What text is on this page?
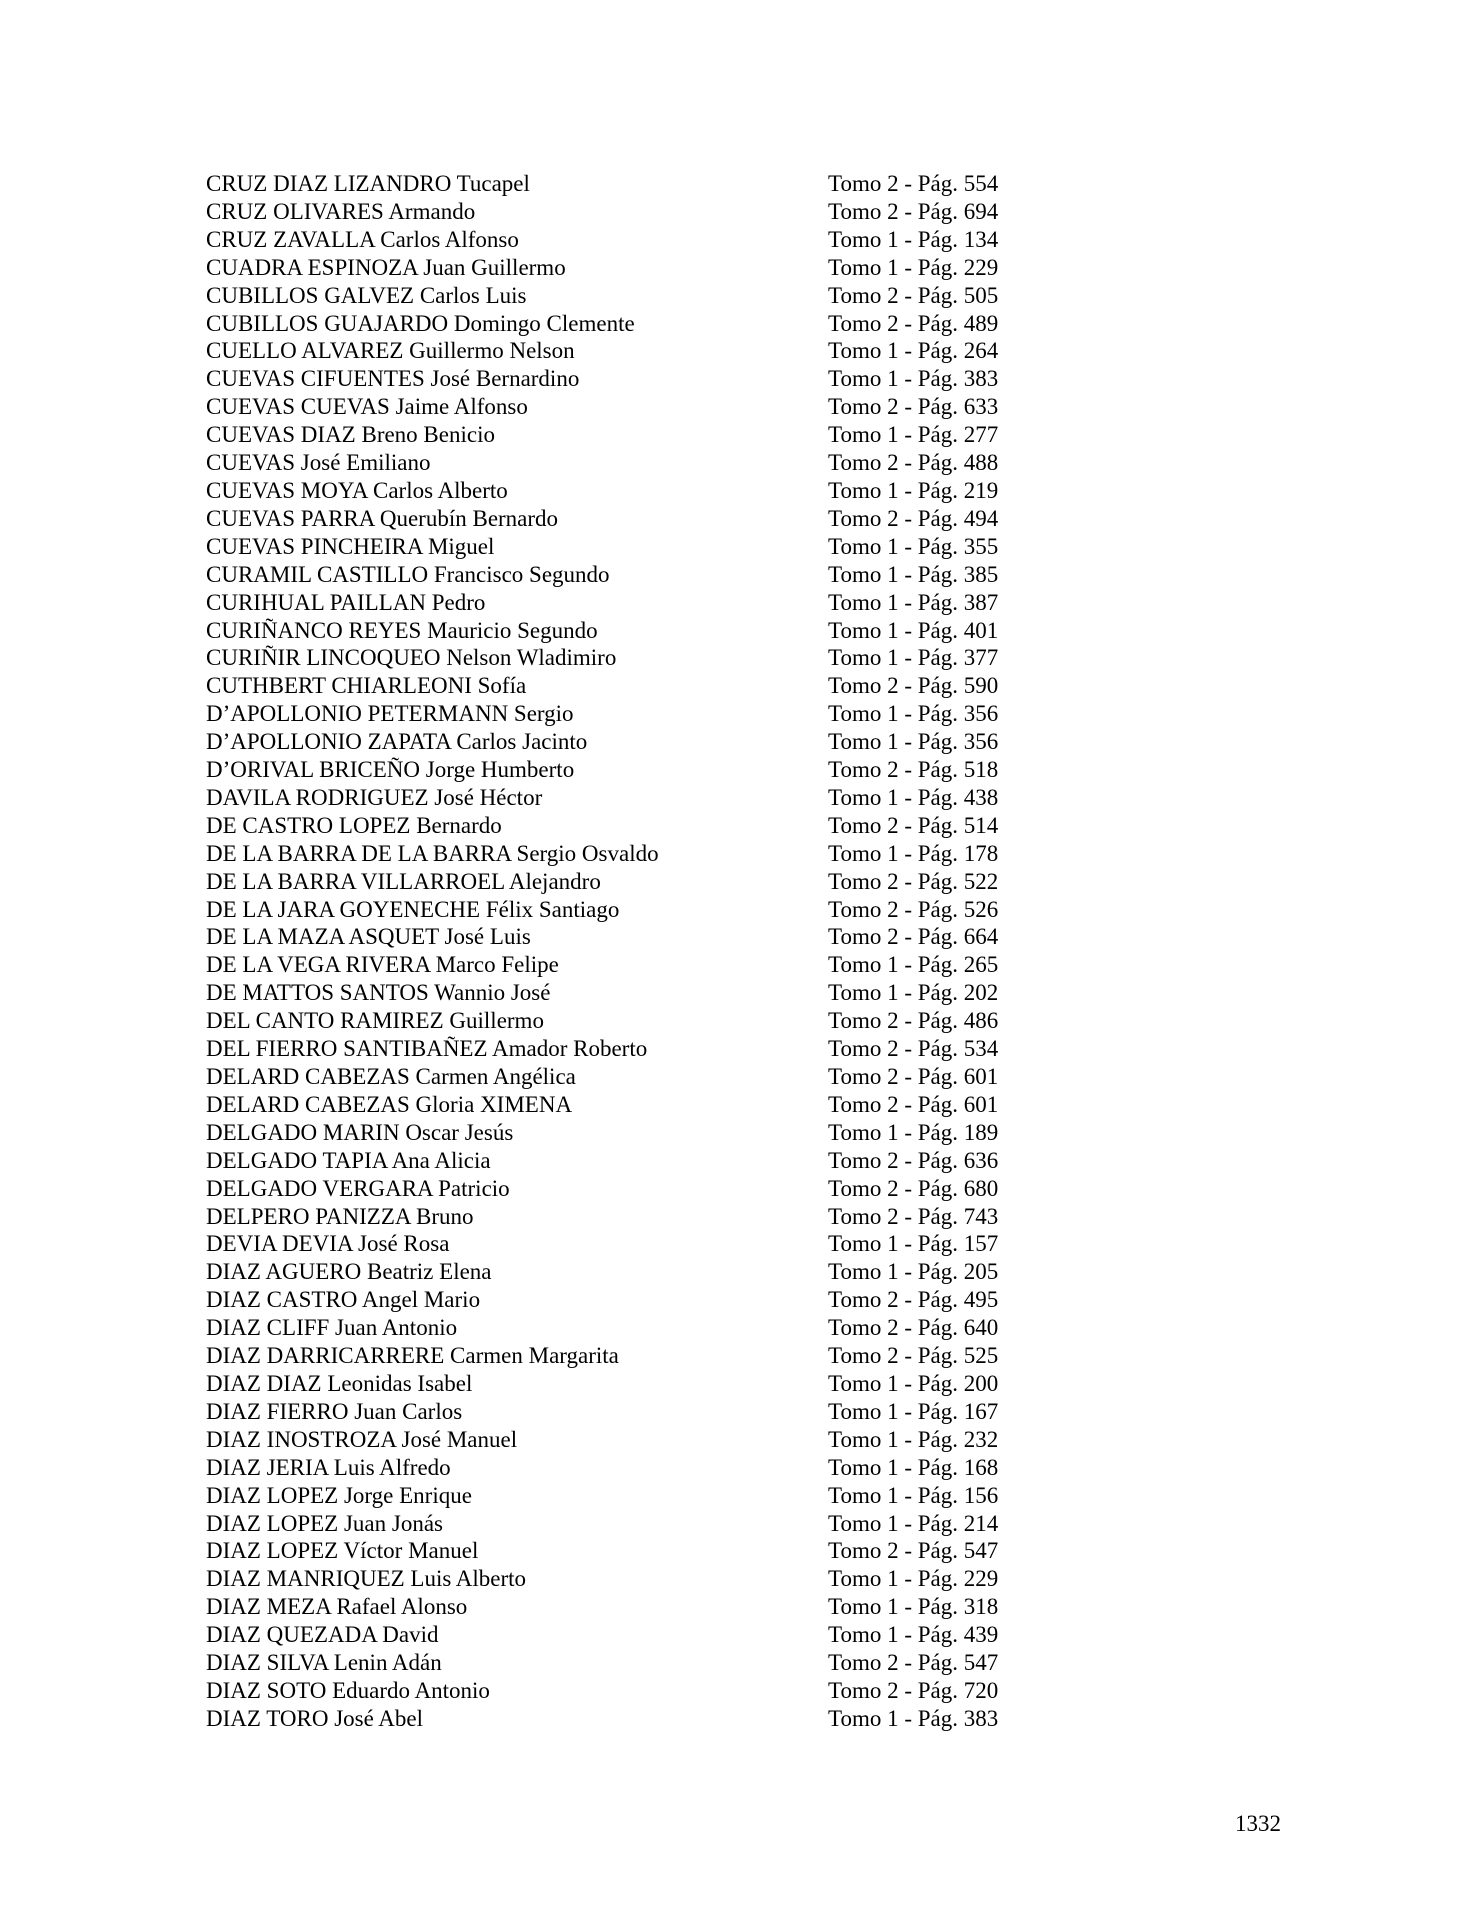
CRUZ DIAZ LIZANDRO Tucapel	Tomo 2 - Pág. 554
CRUZ OLIVARES Armando	Tomo 2 - Pág. 694
CRUZ ZAVALLA Carlos Alfonso	Tomo 1 - Pág. 134
CUADRA ESPINOZA Juan Guillermo	Tomo 1 - Pág. 229
CUBILLOS GALVEZ Carlos Luis	Tomo 2 - Pág. 505
CUBILLOS GUAJARDO Domingo Clemente	Tomo 2 - Pág. 489
CUELLO ALVAREZ Guillermo Nelson	Tomo 1 - Pág. 264
CUEVAS CIFUENTES José Bernardino	Tomo 1 - Pág. 383
CUEVAS CUEVAS Jaime Alfonso	Tomo 2 - Pág. 633
CUEVAS DIAZ Breno Benicio	Tomo 1 - Pág. 277
CUEVAS José Emiliano	Tomo 2 - Pág. 488
CUEVAS MOYA Carlos Alberto	Tomo 1 - Pág. 219
CUEVAS PARRA Querubín Bernardo	Tomo 2 - Pág. 494
CUEVAS PINCHEIRA Miguel	Tomo 1 - Pág. 355
CURAMIL CASTILLO Francisco Segundo	Tomo 1 - Pág. 385
CURIHUAL PAILLAN Pedro	Tomo 1 - Pág. 387
CURIÑANCO REYES Mauricio Segundo	Tomo 1 - Pág. 401
CURIÑIR LINCOQUEO Nelson Wladimiro	Tomo 1 - Pág. 377
CUTHBERT CHIARLEONI Sofía	Tomo 2 - Pág. 590
D’APOLLONIO PETERMANN Sergio	Tomo 1 - Pág. 356
D’APOLLONIO ZAPATA Carlos Jacinto	Tomo 1 - Pág. 356
D’ORIVAL BRICEÑO Jorge Humberto	Tomo 2 - Pág. 518
DAVILA RODRIGUEZ José Héctor	Tomo 1 - Pág. 438
DE CASTRO LOPEZ Bernardo	Tomo 2 - Pág. 514
DE LA BARRA DE LA BARRA Sergio Osvaldo	Tomo 1 - Pág. 178
DE LA BARRA VILLARROEL Alejandro	Tomo 2 - Pág. 522
DE LA JARA GOYENECHE Félix Santiago	Tomo 2 - Pág. 526
DE LA MAZA ASQUET José Luis	Tomo 2 - Pág. 664
DE LA VEGA RIVERA Marco Felipe	Tomo 1 - Pág. 265
DE MATTOS SANTOS Wannio José	Tomo 1 - Pág. 202
DEL CANTO RAMIREZ Guillermo	Tomo 2 - Pág. 486
DEL FIERRO SANTIBAÑEZ Amador Roberto	Tomo 2 - Pág. 534
DELARD CABEZAS Carmen Angélica	Tomo 2 - Pág. 601
DELARD CABEZAS Gloria XIMENA	Tomo 2 - Pág. 601
DELGADO MARIN Oscar Jesús	Tomo 1 - Pág. 189
DELGADO TAPIA Ana Alicia	Tomo 2 - Pág. 636
DELGADO VERGARA Patricio	Tomo 2 - Pág. 680
DELPERO PANIZZA Bruno	Tomo 2 - Pág. 743
DEVIA DEVIA José Rosa	Tomo 1 - Pág. 157
DIAZ AGUERO Beatriz Elena	Tomo 1 - Pág. 205
DIAZ CASTRO Angel Mario	Tomo 2 - Pág. 495
DIAZ CLIFF Juan Antonio	Tomo 2 - Pág. 640
DIAZ DARRICARRERE Carmen Margarita	Tomo 2 - Pág. 525
DIAZ DIAZ Leonidas Isabel	Tomo 1 - Pág. 200
DIAZ FIERRO Juan Carlos	Tomo 1 - Pág. 167
DIAZ INOSTROZA José Manuel	Tomo 1 - Pág. 232
DIAZ JERIA Luis Alfredo	Tomo 1 - Pág. 168
DIAZ LOPEZ Jorge Enrique	Tomo 1 - Pág. 156
DIAZ LOPEZ Juan Jonás	Tomo 1 - Pág. 214
DIAZ LOPEZ Víctor Manuel	Tomo 2 - Pág. 547
DIAZ MANRIQUEZ Luis Alberto	Tomo 1 - Pág. 229
DIAZ MEZA Rafael Alonso	Tomo 1 - Pág. 318
DIAZ QUEZADA David	Tomo 1 - Pág. 439
DIAZ SILVA Lenin Adán	Tomo 2 - Pág. 547
DIAZ SOTO Eduardo Antonio	Tomo 2 - Pág. 720
DIAZ TORO José Abel	Tomo 1 - Pág. 383
1332
